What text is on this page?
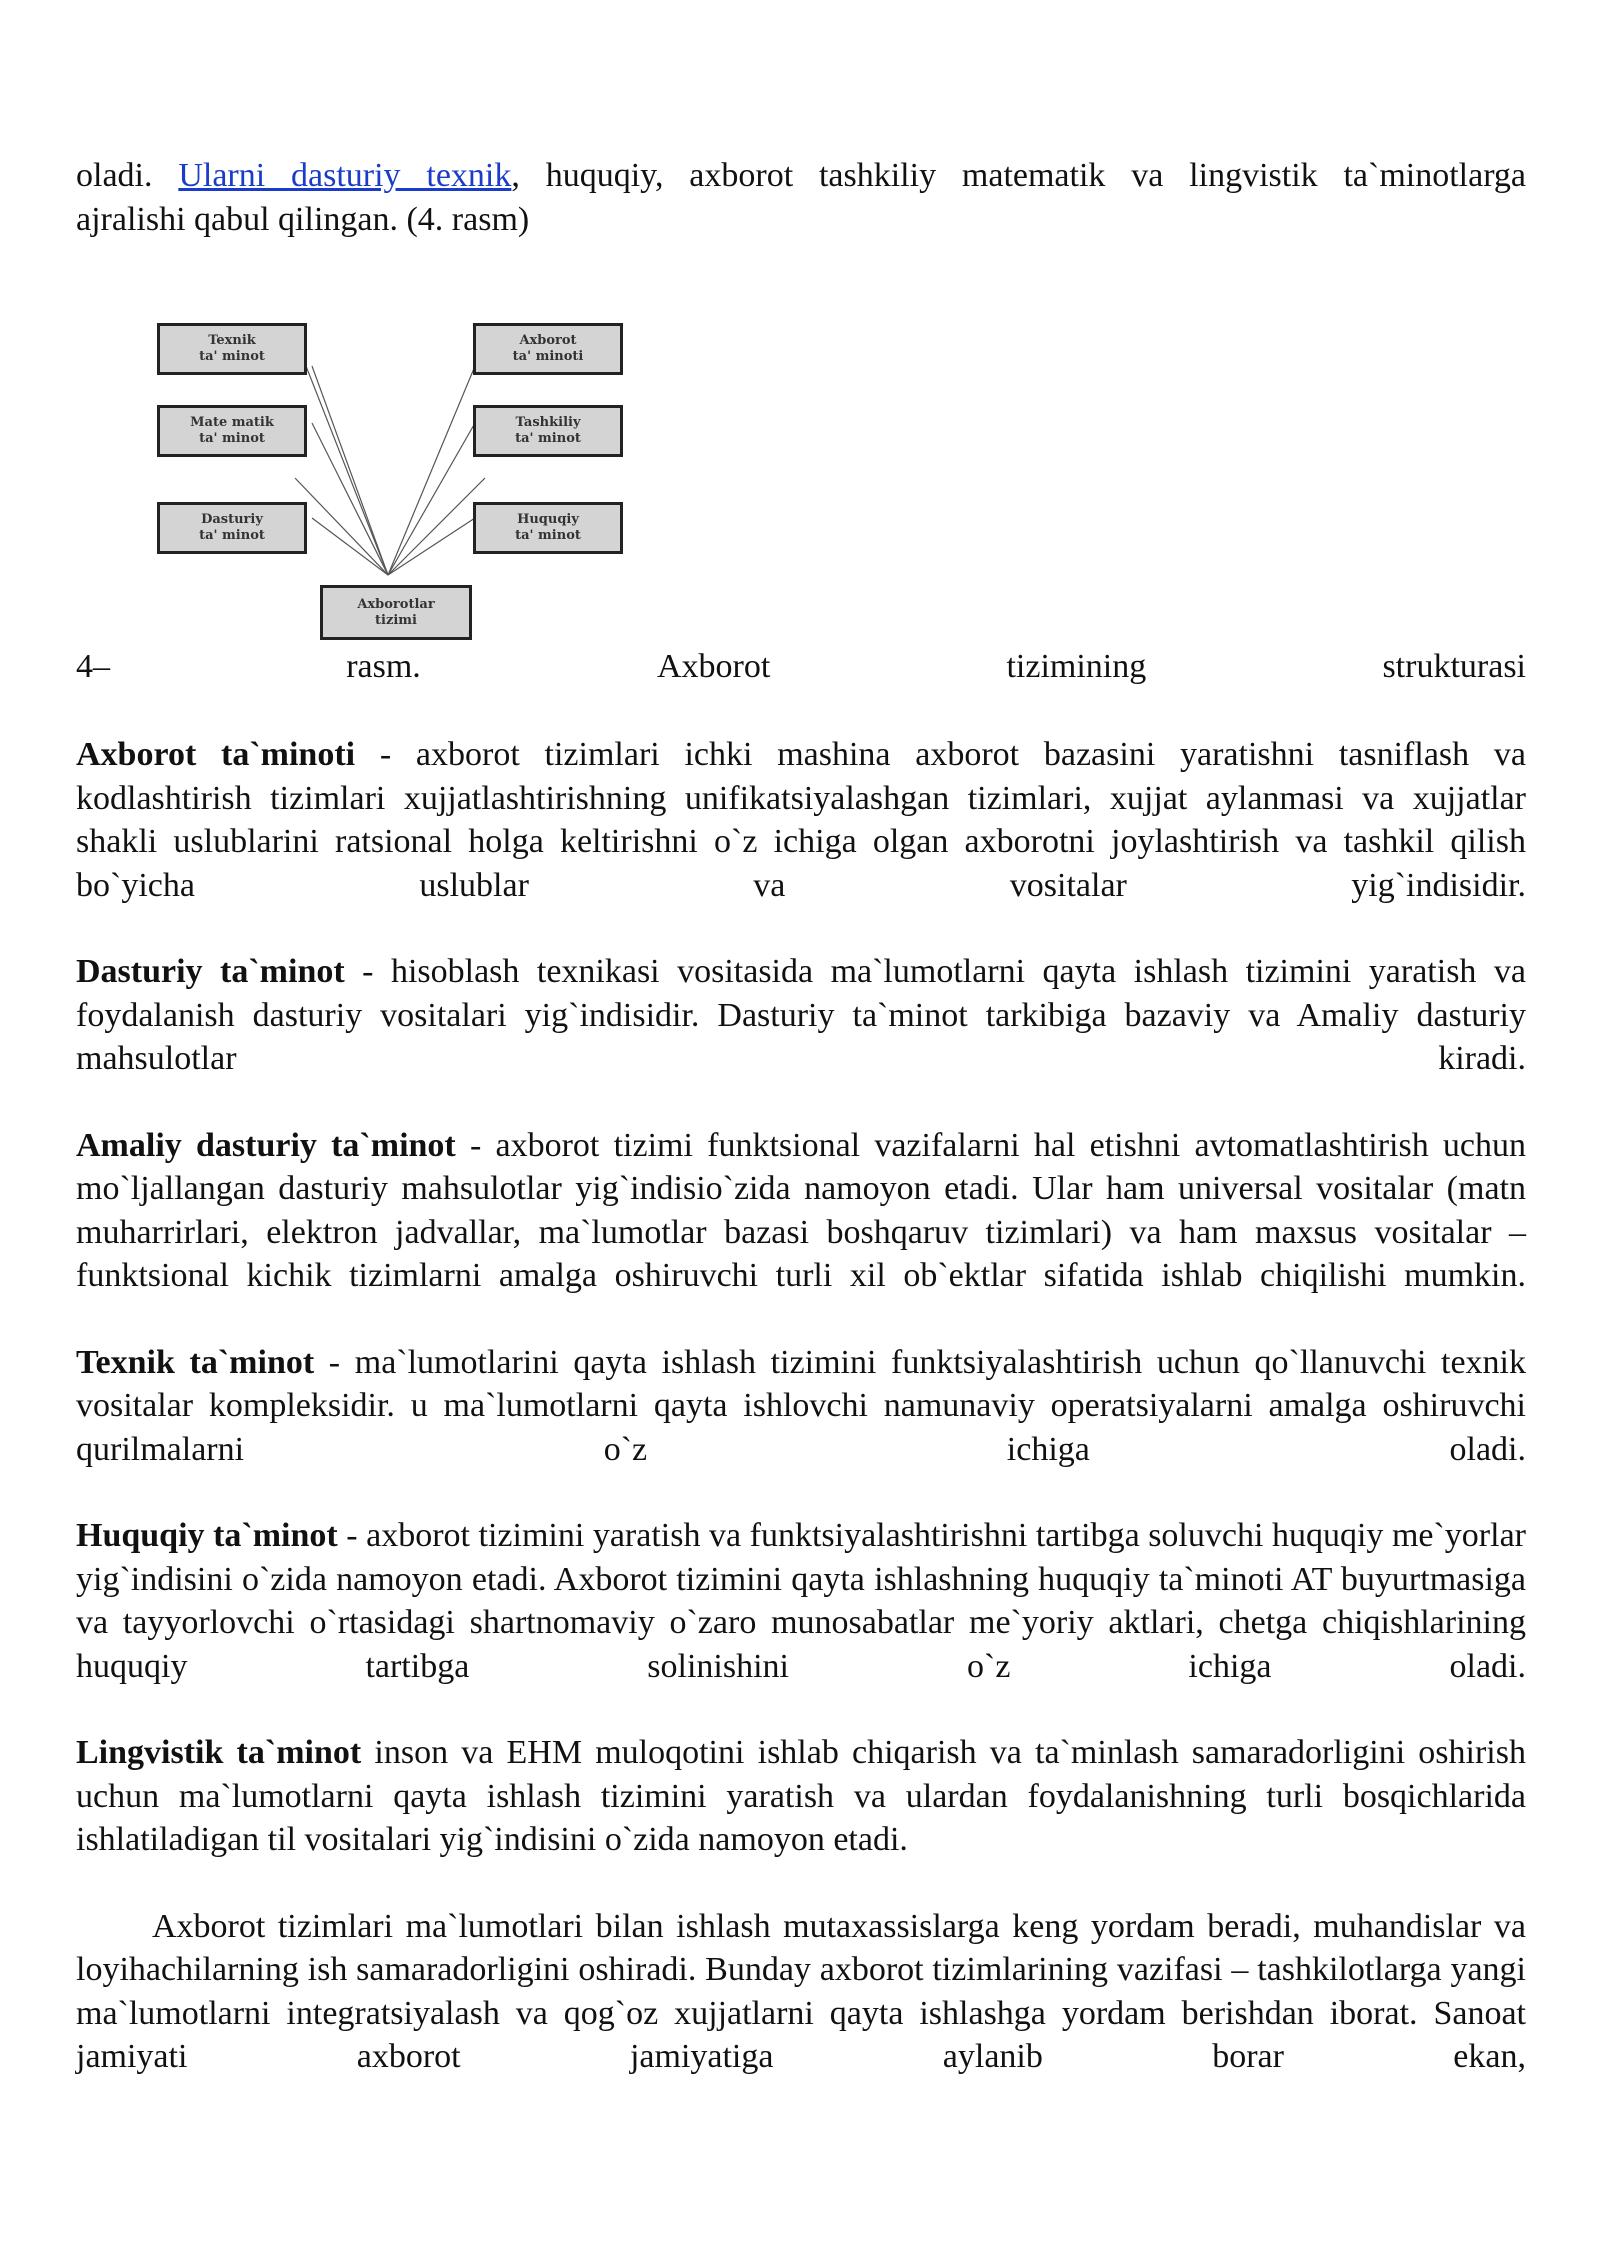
oladi. Ularni dasturiy texnik, huquqiy, axborot tashkiliy matematik va lingvistik ta`minotlarga

ajralishi qabul qilingan. (4. rasm)

Texnik
ta' minot
Mate matik
ta' minot
Dasturiy
ta' minot
Axborot
ta' minoti
Tashkiliy
ta' minot
Huquqiy
ta' minot
Axborotlar
tizimi
4–	rasm.	Axborot	tizimining	strukturasi

Axborot ta`minoti - axborot tizimlari ichki mashina axborot bazasini yaratishni tasniflash va kodlashtirish tizimlari xujjatlashtirishning unifikatsiyalashgan tizimlari, xujjat aylanmasi va xujjatlar shakli uslublarini ratsional holga keltirishni o`z ichiga olgan axborotni joylashtirish va tashkil qilish bo`yicha uslublar va vositalar yig`indisidir.

Dasturiy ta`minot - hisoblash texnikasi vositasida ma`lumotlarni qayta ishlash tizimini yaratish va foydalanish dasturiy vositalari yig`indisidir. Dasturiy ta`minot tarkibiga bazaviy va Amaliy dasturiy mahsulotlar kiradi.

Amaliy dasturiy ta`minot - axborot tizimi funktsional vazifalarni hal etishni avtomatlashtirish uchun mo`ljallangan dasturiy mahsulotlar yig`indisio`zida namoyon etadi. Ular ham universal vositalar (matn muharrirlari, elektron jadvallar, ma`lumotlar bazasi boshqaruv tizimlari) va ham maxsus vositalar – funktsional kichik tizimlarni amalga oshiruvchi turli xil ob`ektlar sifatida ishlab chiqilishi mumkin.

Texnik ta`minot - ma`lumotlarini qayta ishlash tizimini funktsiyalashtirish uchun qo`llanuvchi texnik vositalar kompleksidir. u ma`lumotlarni qayta ishlovchi namunaviy operatsiyalarni amalga oshiruvchi qurilmalarni o`z ichiga oladi.

Huquqiy ta`minot - axborot tizimini yaratish va funktsiyalashtirishni tartibga soluvchi huquqiy me`yorlar yig`indisini o`zida namoyon etadi. Axborot tizimini qayta ishlashning huquqiy ta`minoti AT buyurtmasiga va tayyorlovchi o`rtasidagi shartnomaviy o`zaro munosabatlar me`yoriy aktlari, chetga chiqishlarining huquqiy tartibga solinishini o`z ichiga oladi.

Lingvistik ta`minot inson va EHM muloqotini ishlab chiqarish va ta`minlash samaradorligini oshirish uchun ma`lumotlarni qayta ishlash tizimini yaratish va ulardan foydalanishning turli bosqichlarida ishlatiladigan til vositalari yig`indisini o`zida namoyon etadi.

Axborot tizimlari ma`lumotlari bilan ishlash mutaxassislarga keng yordam beradi, muhandislar va loyihachilarning ish samaradorligini oshiradi. Bunday axborot tizimlarining vazifasi – tashkilotlarga yangi ma`lumotlarni integratsiyalash va qog`oz xujjatlarni qayta ishlashga yordam berishdan iborat. Sanoat jamiyati axborot jamiyatiga aylanib borar ekan,
